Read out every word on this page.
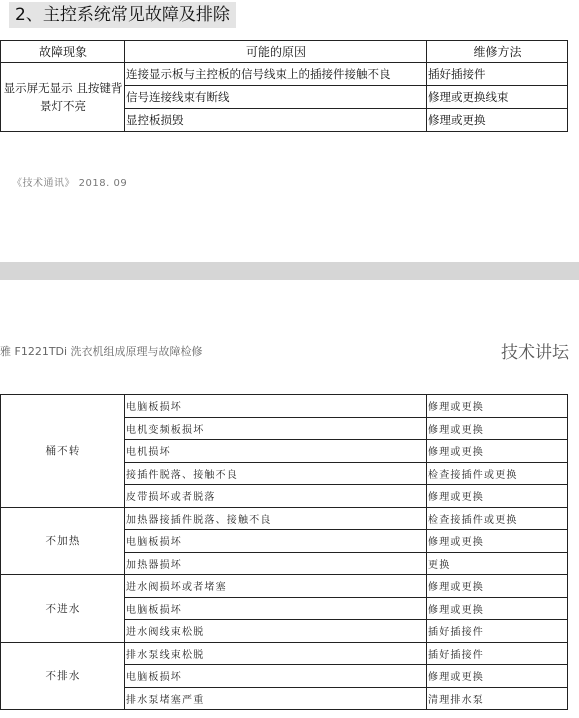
2、主控系统常见故障及排除
故障现象	可能的原因	维修方法
显示屏无显示 且按键背景灯不亮	连接显示板与主控板的信号线束上的插接件接触不良	插好插接件
	信号连接线束有断线	修理或更换线束
	显控板损毁	修理或更换
《技术通讯》 2018. 09
雅 F1221TDi 洗衣机组成原理与故障检修	技术讲坛
桶不转	电脑板损坏	修理或更换
	电机变频板损坏	修理或更换
	电机损坏	修理或更换
	接插件脱落、接触不良	检查接插件或更换
	皮带损坏或者脱落	修理或更换
不加热	加热器接插件脱落、接触不良	检查接插件或更换
	电脑板损坏	修理或更换
	加热器损坏	更换
不进水	进水阀损坏或者堵塞	修理或更换
	电脑板损坏	修理或更换
	进水阀线束松脱	插好插接件
不排水	排水泵线束松脱	插好插接件
	电脑板损坏	修理或更换
	排水泵堵塞严重	清理排水泵
